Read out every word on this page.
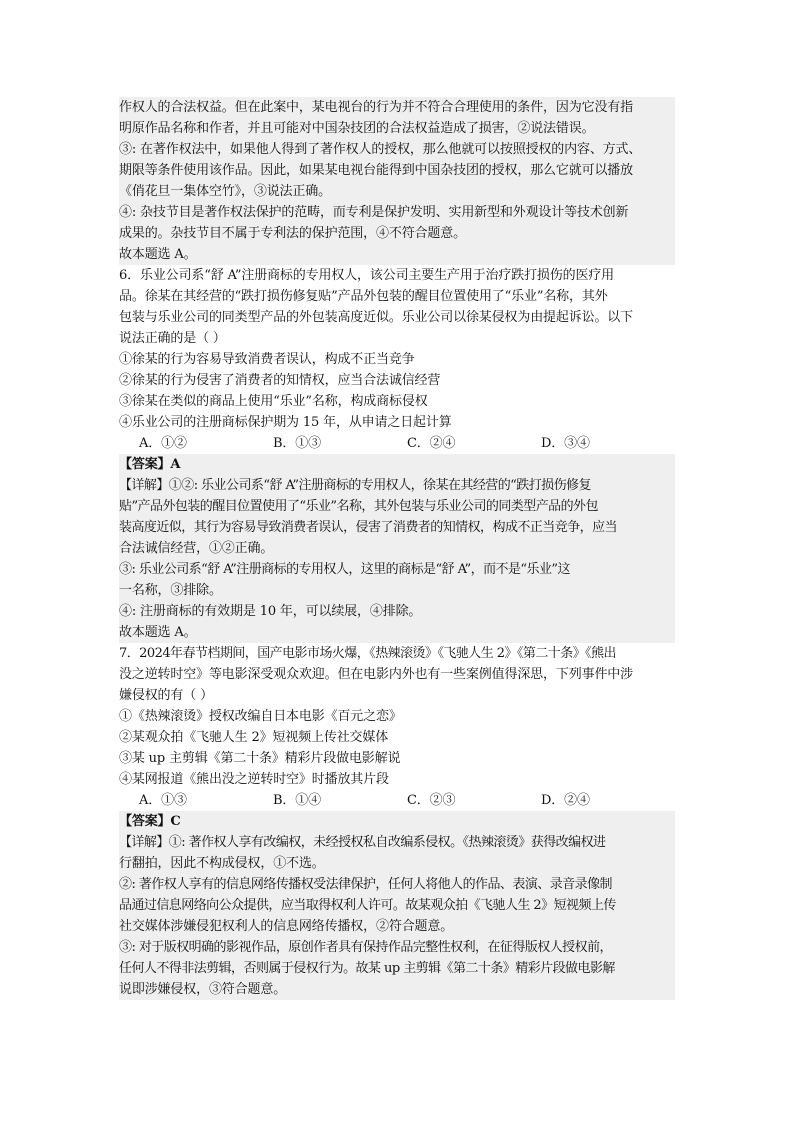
作权人的合法权益。但在此案中，某电视台的行为并不符合合理使用的条件，因为它没有指
明原作品名称和作者，并且可能对中国杂技团的合法权益造成了损害，②说法错误。
③: 在著作权法中，如果他人得到了著作权人的授权，那么他就可以按照授权的内容、方式、
期限等条件使用该作品。因此，如果某电视台能得到中国杂技团的授权，那么它就可以播放
《俏花旦一集体空竹》，③说法正确。
④: 杂技节目是著作权法保护的范畴，而专利是保护发明、实用新型和外观设计等技术创新
成果的。杂技节目不属于专利法的保护范围，④不符合题意。
故本题选 A。
6．乐业公司系“舒 A”注册商标的专用权人，该公司主要生产用于治疗跌打损伤的医疗用
品。徐某在其经营的“跌打损伤修复贴”产品外包装的醒目位置使用了“乐业”名称，其外
包装与乐业公司的同类型产品的外包装高度近似。乐业公司以徐某侵权为由提起诉讼。以下
说法正确的是（ ）
①徐某的行为容易导致消费者误认，构成不正当竞争
②徐某的行为侵害了消费者的知情权，应当合法诚信经营
③徐某在类似的商品上使用“乐业”名称，构成商标侵权
④乐业公司的注册商标保护期为 15 年，从申请之日起计算
A．①②	B．①③	C．②④	D．③④
【答案】A
【详解】①②: 乐业公司系“舒 A”注册商标的专用权人，徐某在其经营的“跌打损伤修复
贴”产品外包装的醒目位置使用了“乐业”名称，其外包装与乐业公司的同类型产品的外包
装高度近似，其行为容易导致消费者误认，侵害了消费者的知情权，构成不正当竞争，应当
合法诚信经营，①②正确。
③: 乐业公司系“舒 A”注册商标的专用权人，这里的商标是“舒 A”，而不是“乐业”这
一名称，③排除。
④: 注册商标的有效期是 10 年，可以续展，④排除。
故本题选 A。
7．2024年春节档期间，国产电影市场火爆，《热辣滚烫》《飞驰人生 2》《第二十条》《熊出
没之逆转时空》等电影深受观众欢迎。但在电影内外也有一些案例值得深思，下列事件中涉
嫌侵权的有（ ）
①《热辣滚烫》授权改编自日本电影《百元之恋》
②某观众拍《飞驰人生 2》短视频上传社交媒体
③某 up 主剪辑《第二十条》精彩片段做电影解说
④某网报道《熊出没之逆转时空》时播放其片段
A．①③	B．①④	C．②③	D．②④
【答案】C
【详解】①: 著作权人享有改编权，未经授权私自改编系侵权。《热辣滚烫》获得改编权进
行翻拍，因此不构成侵权，①不选。
②: 著作权人享有的信息网络传播权受法律保护，任何人将他人的作品、表演、录音录像制
品通过信息网络向公众提供，应当取得权利人许可。故某观众拍《飞驰人生 2》短视频上传
社交媒体涉嫌侵犯权利人的信息网络传播权，②符合题意。
③: 对于版权明确的影视作品，原创作者具有保持作品完整性权利，在征得版权人授权前，
任何人不得非法剪辑，否则属于侵权行为。故某 up 主剪辑《第二十条》精彩片段做电影解
说即涉嫌侵权，③符合题意。
